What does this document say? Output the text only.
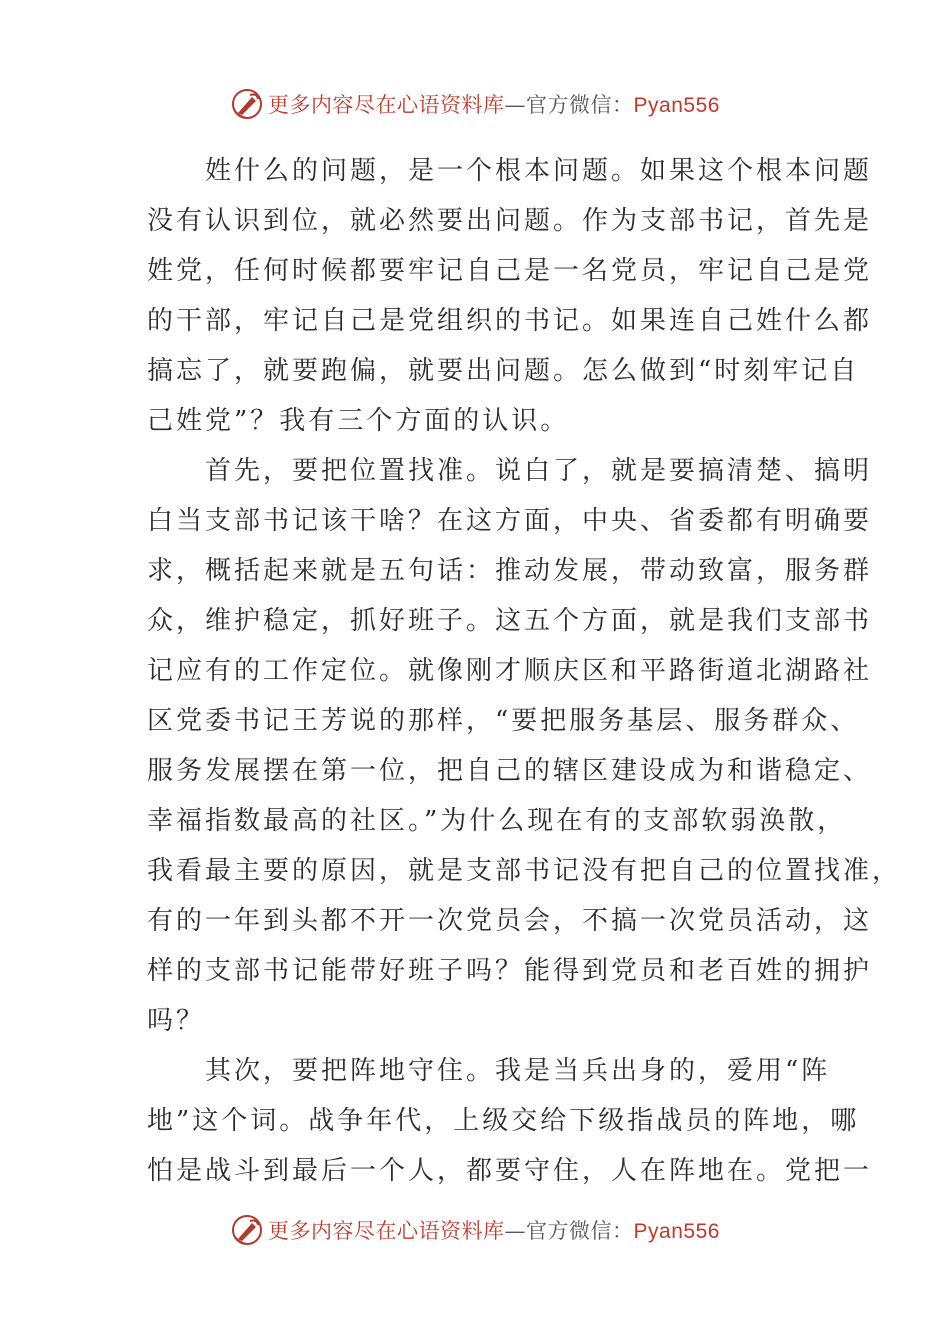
更多内容尽在心语资料库—官方微信：Pyan556
　　姓什么的问题，是一个根本问题。如果这个根本问题
没有认识到位，就必然要出问题。作为支部书记，首先是
姓党，任何时候都要牢记自己是一名党员，牢记自己是党
的干部，牢记自己是党组织的书记。如果连自己姓什么都
搞忘了，就要跑偏，就要出问题。怎么做到“时刻牢记自
己姓党”？我有三个方面的认识。
　　首先，要把位置找准。说白了，就是要搞清楚、搞明
白当支部书记该干啥？在这方面，中央、省委都有明确要
求，概括起来就是五句话：推动发展，带动致富，服务群
众，维护稳定，抓好班子。这五个方面，就是我们支部书
记应有的工作定位。就像刚才顺庆区和平路街道北湖路社
区党委书记王芳说的那样，“要把服务基层、服务群众、
服务发展摆在第一位，把自己的辖区建设成为和谐稳定、
幸福指数最高的社区。”为什么现在有的支部软弱涣散，
我看最主要的原因，就是支部书记没有把自己的位置找准，
有的一年到头都不开一次党员会，不搞一次党员活动，这
样的支部书记能带好班子吗？能得到党员和老百姓的拥护
吗？
　　其次，要把阵地守住。我是当兵出身的，爱用“阵
地”这个词。战争年代，上级交给下级指战员的阵地，哪
怕是战斗到最后一个人，都要守住，人在阵地在。党把一
更多内容尽在心语资料库—官方微信：Pyan556
